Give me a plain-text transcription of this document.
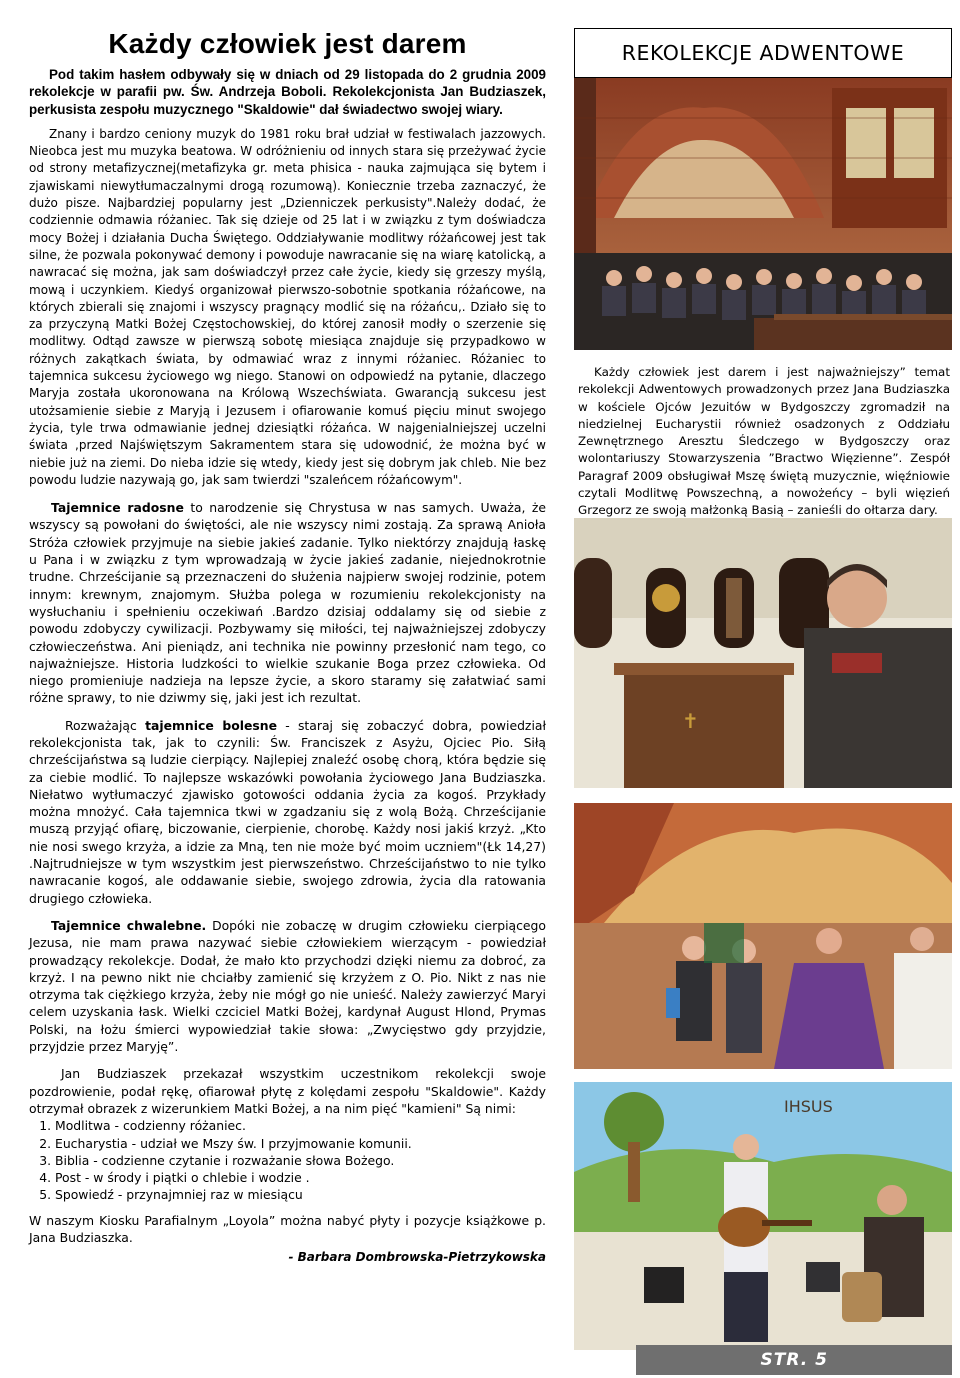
Każdy człowiek jest darem

Pod takim hasłem odbywały się w dniach od 29 listopada do 2 grudnia 2009 rekolekcje w parafii pw. Św. Andrzeja Boboli. Rekolekcjonista Jan Budziaszek, perkusista zespołu muzycznego "Skaldowie" dał świadectwo swojej wiary.

Znany i bardzo ceniony muzyk do 1981 roku brał udział w festiwalach jazzowych. Nieobca jest mu muzyka beatowa. W odróżnieniu od innych stara się przeżywać życie od strony metafizycznej(metafizyka gr. meta phisica - nauka zajmująca się bytem i zjawiskami niewytłumaczalnymi drogą rozumową). Koniecznie trzeba zaznaczyć, że dużo pisze. Najbardziej popularny jest „Dzienniczek perkusisty".Należy dodać, że codziennie odmawia różaniec. Tak się dzieje od 25 lat i w związku z tym doświadcza mocy Bożej i działania Ducha Świętego. Oddziaływanie modlitwy różańcowej jest tak silne, że pozwala pokonywać demony i powoduje nawracanie się na wiarę katolicką, a nawracać się można, jak sam doświadczył przez całe życie, kiedy się grzeszy myślą, mową i uczynkiem. Kiedyś organizował pierwszo-sobotnie spotkania różańcowe, na których zbierali się znajomi i wszyscy pragnący modlić się na różańcu,. Działo się to za przyczyną Matki Bożej Częstochowskiej, do której zanosił modły o szerzenie się modlitwy. Odtąd zawsze w pierwszą sobotę miesiąca znajduje się przypadkowo w różnych zakątkach świata, by odmawiać wraz z innymi różaniec. Różaniec to tajemnica sukcesu życiowego wg niego. Stanowi on odpowiedź na pytanie, dlaczego Maryja została ukoronowana na Królową Wszechświata. Gwarancją sukcesu jest utożsamienie siebie z Maryją i Jezusem i ofiarowanie komuś pięciu minut swojego życia, tyle trwa odmawianie jednej dziesiątki różańca. W najgenialniejszej uczelni świata ,przed Najświętszym Sakramentem stara się udowodnić, że można być w niebie już na ziemi. Do nieba idzie się wtedy, kiedy jest się dobrym jak chleb. Nie bez powodu ludzie nazywają go, jak sam twierdzi "szaleńcem różańcowym".

Tajemnice radosne to narodzenie się Chrystusa w nas samych. Uważa, że wszyscy są powołani do świętości, ale nie wszyscy nimi zostają. Za sprawą Anioła Stróża człowiek przyjmuje na siebie jakieś zadanie. Tylko niektórzy znajdują łaskę u Pana i w związku z tym wprowadzają w życie jakieś zadanie, niejednokrotnie trudne. Chrześcijanie są przeznaczeni do służenia najpierw swojej rodzinie, potem innym: krewnym, znajomym. Służba polega w rozumieniu rekolekcjonisty na wysłuchaniu i spełnieniu oczekiwań .Bardzo dzisiaj oddalamy się od siebie z powodu zdobyczy cywilizacji. Pozbywamy się miłości, tej najważniejszej zdobyczy człowieczeństwa. Ani pieniądz, ani technika nie powinny przesłonić nam tego, co najważniejsze. Historia ludzkości to wielkie szukanie Boga przez człowieka. Od niego promieniuje nadzieja na lepsze życie, a skoro staramy się załatwiać sami różne sprawy, to nie dziwmy się, jaki jest ich rezultat.

Rozważając tajemnice bolesne - staraj się zobaczyć dobra, powiedział rekolekcjonista tak, jak to czynili: Św. Franciszek z Asyżu, Ojciec Pio. Siłą chrześcijaństwa są ludzie cierpiący. Najlepiej znaleźć osobę chorą, która będzie się za ciebie modlić. To najlepsze wskazówki powołania życiowego Jana Budziaszka. Niełatwo wytłumaczyć zjawisko gotowości oddania życia za kogoś. Przykłady można mnożyć. Cała tajemnica tkwi w zgadzaniu się z wolą Bożą. Chrześcijanie muszą przyjąć ofiarę, biczowanie, cierpienie, chorobę. Każdy nosi jakiś krzyż. „Kto nie nosi swego krzyża, a idzie za Mną, ten nie może być moim uczniem"(Łk 14,27) .Najtrudniejsze w tym wszystkim jest pierwszeństwo. Chrześcijaństwo to nie tylko nawracanie kogoś, ale oddawanie siebie, swojego zdrowia, życia dla ratowania drugiego człowieka.

Tajemnice chwalebne. Dopóki nie zobaczę w drugim człowieku cierpiącego Jezusa, nie mam prawa nazywać siebie człowiekiem wierzącym - powiedział prowadzący rekolekcje. Dodał, że mało kto przychodzi dzięki niemu za dobroć, za krzyż. I na pewno nikt nie chciałby zamienić się krzyżem z O. Pio. Nikt z nas nie otrzyma tak ciężkiego krzyża, żeby nie mógł go nie unieść. Należy zawierzyć Maryi celem uzyskania łask. Wielki czciciel Matki Bożej, kardynał August Hlond, Prymas Polski, na łożu śmierci wypowiedział takie słowa: „Zwycięstwo gdy przyjdzie, przyjdzie przez Maryję”.

Jan Budziaszek przekazał wszystkim uczestnikom rekolekcji swoje pozdrowienie, podał rękę, ofiarował płytę z kolędami zespołu "Skaldowie". Każdy otrzymał obrazek z wizerunkiem Matki Bożej, a na nim pięć "kamieni" Są nimi:

1. Modlitwa - codzienny różaniec.
2. Eucharystia - udział we Mszy św. I przyjmowanie komunii.
3. Biblia - codzienne czytanie i rozważanie słowa Bożego.
4. Post - w środy i piątki o chlebie i wodzie .
5. Spowiedź - przynajmniej raz w miesiącu

W naszym Kiosku Parafialnym „Loyola” można nabyć płyty i pozycje książkowe p. Jana Budziaszka.

- Barbara Dombrowska-Pietrzykowska
REKOLEKCJE ADWENTOWE

Każdy człowiek jest darem i jest najważniejszy” temat rekolekcji Adwentowych prowadzonych przez Jana Budziaszka w kościele Ojców Jezuitów w Bydgoszczy zgromadził na niedzielnej Eucharystii również osadzonych z Oddziału Zewnętrznego Aresztu Śledczego w Bydgoszczy oraz wolontariuszy Stowarzyszenia ”Bractwo Więzienne”. Zespół Paragraf 2009 obsługiwał Mszę świętą muzycznie, więźniowie czytali Modlitwę Powszechną, a nowożeńcy – byli więzień Grzegorz ze swoją małżonką Basią – zanieśli do ołtarza dary.

✝
IHSUS
STR. 5
